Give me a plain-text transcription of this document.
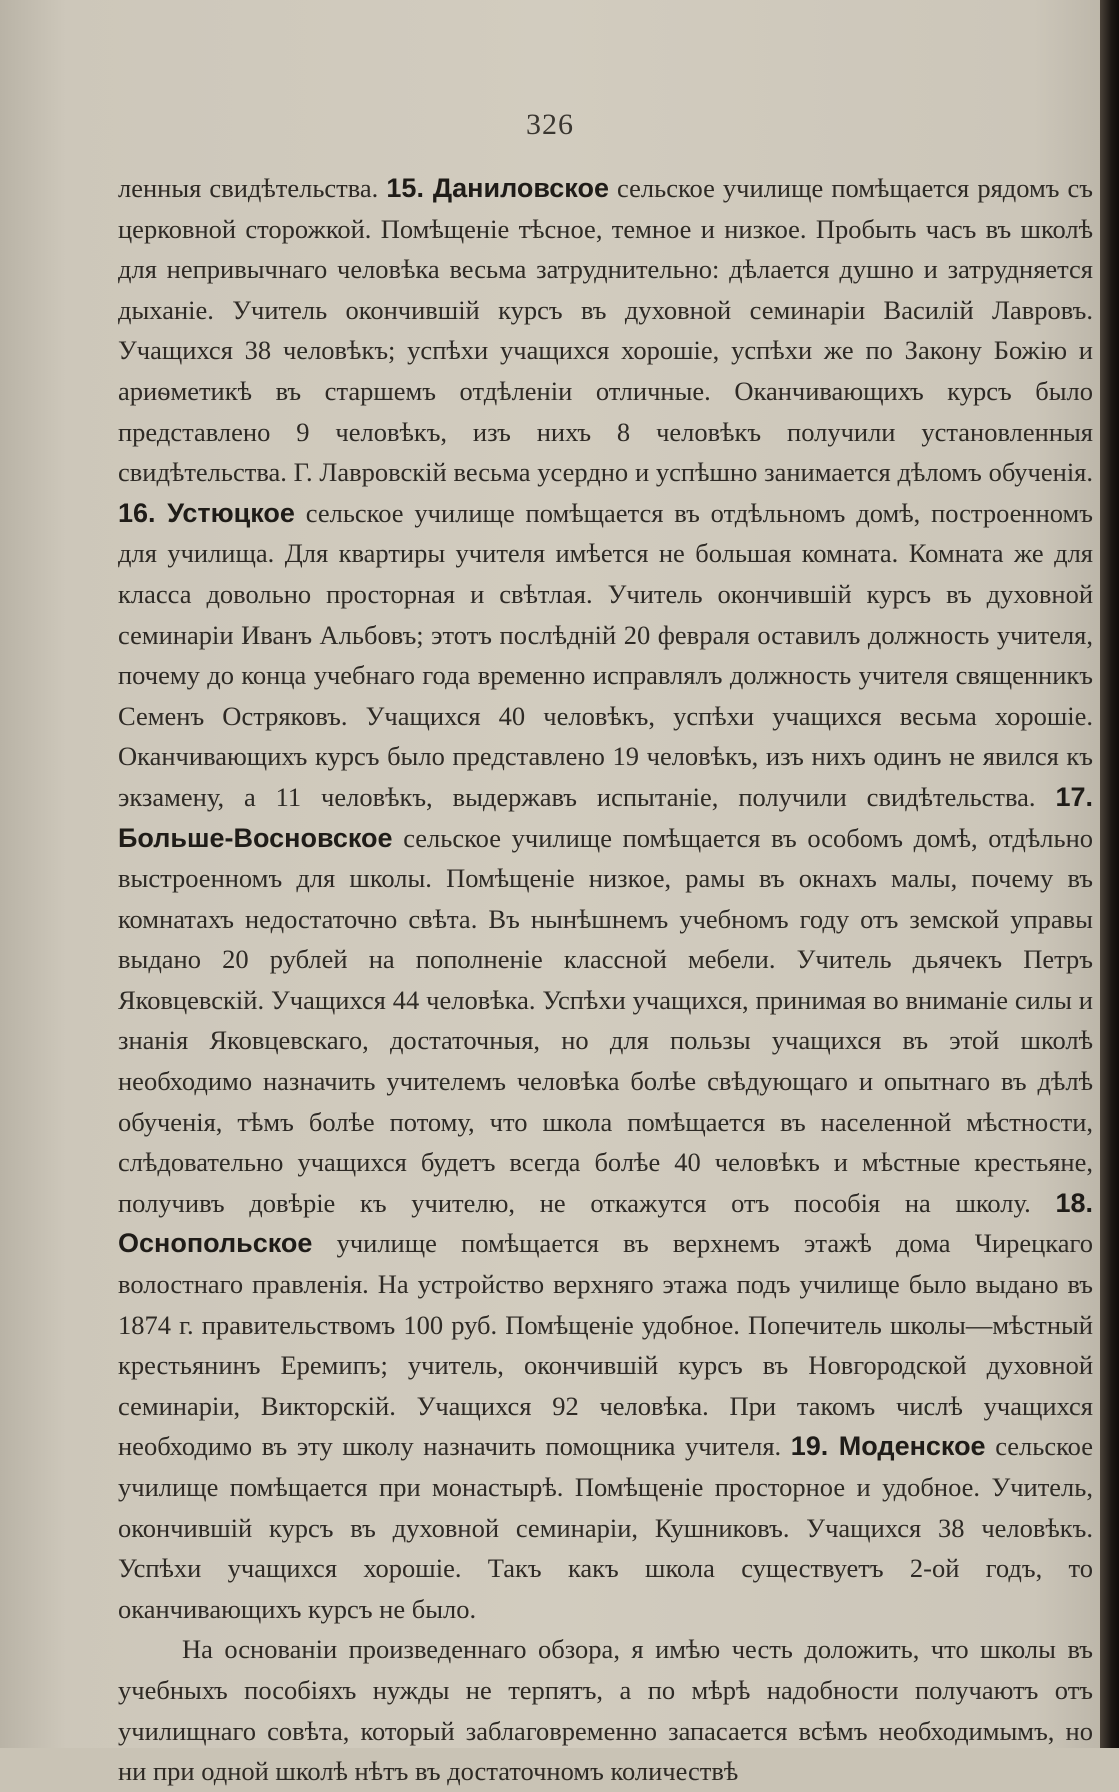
326

ленныя свидѣтельства. 15. Даниловское сельское училище помѣщается рядомъ съ церковной сторожкой. Помѣщеніе тѣсное, темное и низкое. Пробыть часъ въ школѣ для непривычнаго человѣка весьма затруднительно: дѣлается душно и затрудняется дыханіе. Учитель окончившій курсъ въ духовной семинаріи Василій Лавровъ. Учащихся 38 человѣкъ; успѣхи учащихся хорошіе, успѣхи же по Закону Божію и ариѳметикѣ въ старшемъ отдѣленіи отличные. Оканчивающихъ курсъ было представлено 9 человѣкъ, изъ нихъ 8 человѣкъ получили установленныя свидѣтельства. Г. Лавровскій весьма усердно и успѣшно занимается дѣломъ обученія. 16. Устюцкое сельское училище помѣщается въ отдѣльномъ домѣ, построенномъ для училища. Для квартиры учителя имѣется не большая комната. Комната же для класса довольно просторная и свѣтлая. Учитель окончившій курсъ въ духовной семинаріи Иванъ Альбовъ; этотъ послѣдній 20 февраля оставилъ должность учителя, почему до конца учебнаго года временно исправлялъ должность учителя священникъ Семенъ Остряковъ. Учащихся 40 человѣкъ, успѣхи учащихся весьма хорошіе. Оканчивающихъ курсъ было представлено 19 человѣкъ, изъ нихъ одинъ не явился къ экзамену, а 11 человѣкъ, выдержавъ испытаніе, получили свидѣтельства. 17. Больше-Восновское сельское училище помѣщается въ особомъ домѣ, отдѣльно выстроенномъ для школы. Помѣщеніе низкое, рамы въ окнахъ малы, почему въ комнатахъ недостаточно свѣта. Въ нынѣшнемъ учебномъ году отъ земской управы выдано 20 рублей на пополненіе классной мебели. Учитель дьячекъ Петръ Яковцевскій. Учащихся 44 человѣка. Успѣхи учащихся, принимая во вниманіе силы и знанія Яковцевскаго, достаточныя, но для пользы учащихся въ этой школѣ необходимо назначить учителемъ человѣка болѣе свѣдующаго и опытнаго въ дѣлѣ обученія, тѣмъ болѣе потому, что школа помѣщается въ населенной мѣстности, слѣдовательно учащихся будетъ всегда болѣе 40 человѣкъ и мѣстные крестьяне, получивъ довѣріе къ учителю, не откажутся отъ пособія на школу. 18. Оснопольское училище помѣщается въ верхнемъ этажѣ дома Чирецкаго волостнаго правленія. На устройство верхняго этажа подъ училище было выдано въ 1874 г. правительствомъ 100 руб. Помѣщеніе удобное. Попечитель школы—мѣстный крестьянинъ Еремипъ; учитель, окончившій курсъ въ Новгородской духовной семинаріи, Викторскій. Учащихся 92 человѣка. При такомъ числѣ учащихся необходимо въ эту школу назначить помощника учителя. 19. Моденское сельское училище помѣщается при монастырѣ. Помѣщеніе просторное и удобное. Учитель, окончившій курсъ въ духовной семинаріи, Кушниковъ. Учащихся 38 человѣкъ. Успѣхи учащихся хорошіе. Такъ какъ школа существуетъ 2-ой годъ, то оканчивающихъ курсъ не было.

На основаніи произведеннаго обзора, я имѣю честь доложить, что школы въ учебныхъ пособіяхъ нужды не терпятъ, а по мѣрѣ надобности получаютъ отъ училищнаго совѣта, который заблаговременно запасается всѣмъ необходимымъ, но ни при одной школѣ нѣтъ въ достаточномъ количествѣ
